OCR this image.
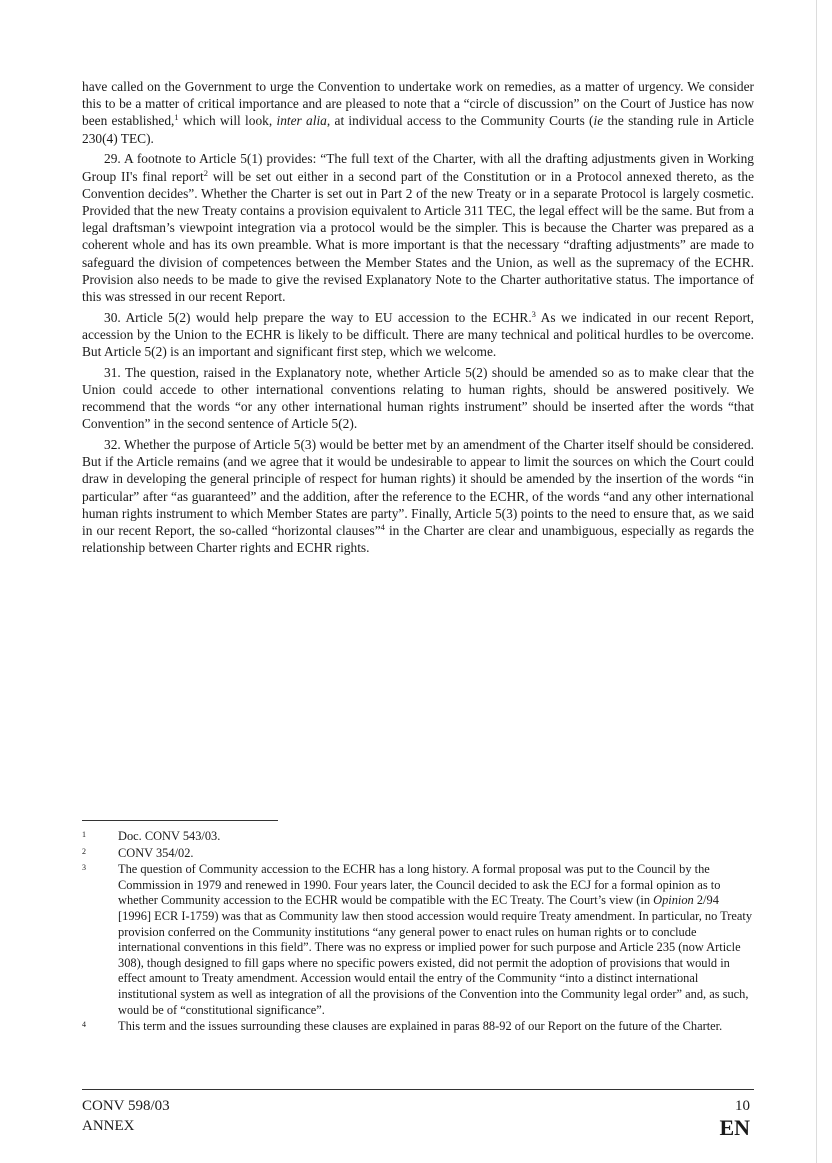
have called on the Government to urge the Convention to undertake work on remedies, as a matter of urgency. We consider this to be a matter of critical importance and are pleased to note that a “circle of discussion” on the Court of Justice has now been established,$^1$ which will look, inter alia, at individual access to the Community Courts (ie the standing rule in Article 230(4) TEC).

29. A footnote to Article 5(1) provides: “The full text of the Charter, with all the drafting adjustments given in Working Group II's final report$^2$ will be set out either in a second part of the Constitution or in a Protocol annexed thereto, as the Convention decides”. Whether the Charter is set out in Part 2 of the new Treaty or in a separate Protocol is largely cosmetic. Provided that the new Treaty contains a provision equivalent to Article 311 TEC, the legal effect will be the same. But from a legal draftsman’s viewpoint integration via a protocol would be the simpler. This is because the Charter was prepared as a coherent whole and has its own preamble. What is more important is that the necessary “drafting adjustments” are made to safeguard the division of competences between the Member States and the Union, as well as the supremacy of the ECHR. Provision also needs to be made to give the revised Explanatory Note to the Charter authoritative status. The importance of this was stressed in our recent Report.

30. Article 5(2) would help prepare the way to EU accession to the ECHR.$^3$ As we indicated in our recent Report, accession by the Union to the ECHR is likely to be difficult. There are many technical and political hurdles to be overcome. But Article 5(2) is an important and significant first step, which we welcome.

31. The question, raised in the Explanatory note, whether Article 5(2) should be amended so as to make clear that the Union could accede to other international conventions relating to human rights, should be answered positively. We recommend that the words “or any other international human rights instrument” should be inserted after the words “that Convention” in the second sentence of Article 5(2).

32. Whether the purpose of Article 5(3) would be better met by an amendment of the Charter itself should be considered. But if the Article remains (and we agree that it would be undesirable to appear to limit the sources on which the Court could draw in developing the general principle of respect for human rights) it should be amended by the insertion of the words “in particular” after “as guaranteed” and the addition, after the reference to the ECHR, of the words “and any other international human rights instrument to which Member States are party”. Finally, Article 5(3) points to the need to ensure that, as we said in our recent Report, the so-called “horizontal clauses”$^4$ in the Charter are clear and unambiguous, especially as regards the relationship between Charter rights and ECHR rights.

1	Doc. CONV 543/03.
2	CONV 354/02.
3	The question of Community accession to the ECHR has a long history. A formal proposal was put to the Council by the Commission in 1979 and renewed in 1990. Four years later, the Council decided to ask the ECJ for a formal opinion as to whether Community accession to the ECHR would be compatible with the EC Treaty. The Court’s view (in Opinion 2/94 [1996] ECR I-1759) was that as Community law then stood accession would require Treaty amendment. In particular, no Treaty provision conferred on the Community institutions “any general power to enact rules on human rights or to conclude international conventions in this field”. There was no express or implied power for such purpose and Article 235 (now Article 308), though designed to fill gaps where no specific powers existed, did not permit the adoption of provisions that would in effect amount to Treaty amendment. Accession would entail the entry of the Community “into a distinct international institutional system as well as integration of all the provisions of the Convention into the Community legal order” and, as such, would be of “constitutional significance”.
4	This term and the issues surrounding these clauses are explained in paras 88-92 of our Report on the future of the Charter.
CONV 598/03
ANNEX
10
EN
